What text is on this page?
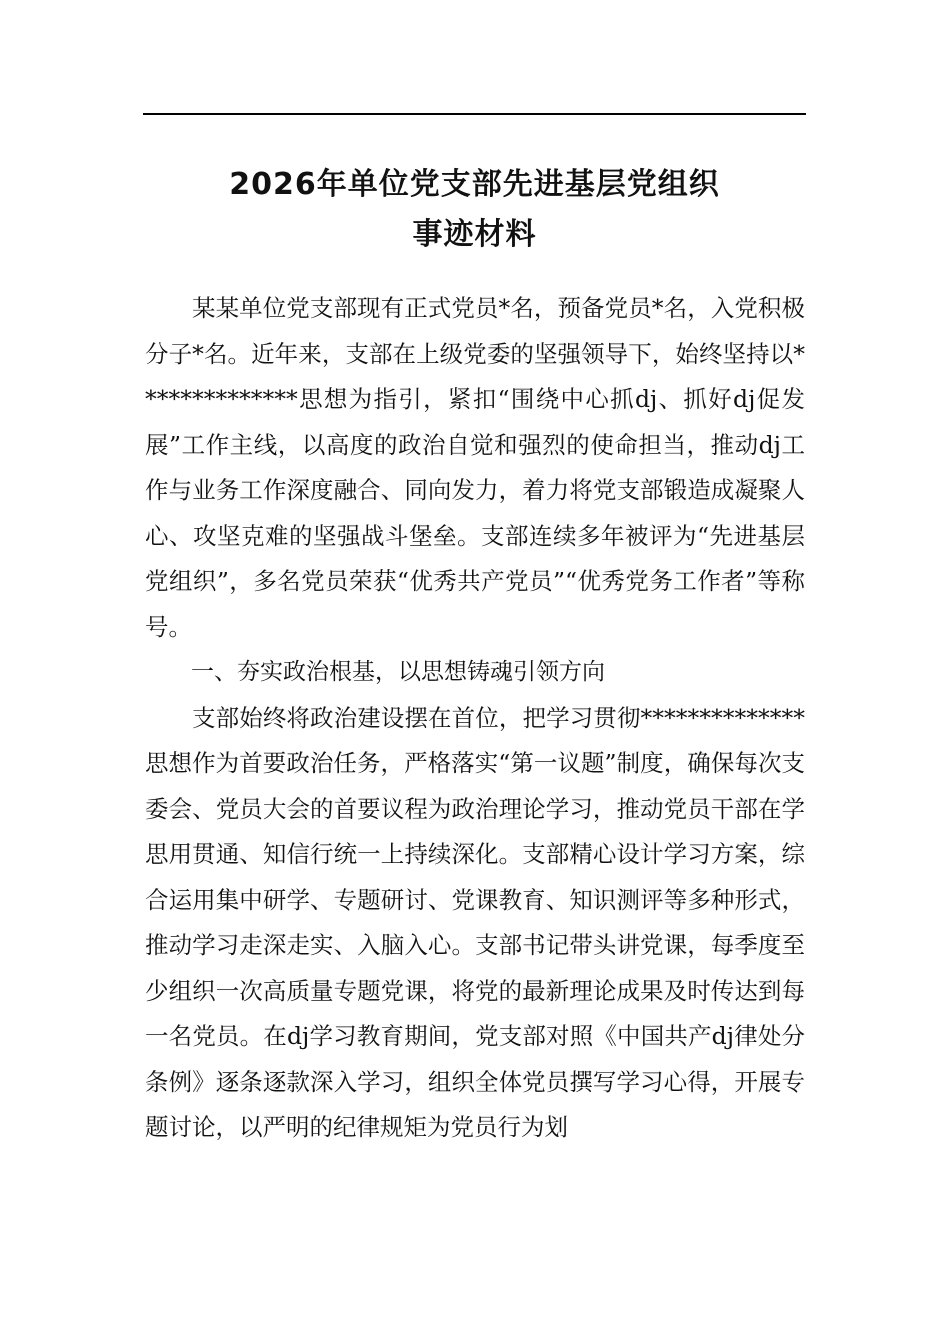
2026年单位党支部先进基层党组织
事迹材料

某某单位党支部现有正式党员*名，预备党员*名，入党积极分子*名。近年来，支部在上级党委的坚强领导下，始终坚持以**************思想为指引，紧扣“围绕中心抓dj、抓好dj促发展”工作主线，以高度的政治自觉和强烈的使命担当，推动dj工作与业务工作深度融合、同向发力，着力将党支部锻造成凝聚人心、攻坚克难的坚强战斗堡垒。支部连续多年被评为“先进基层党组织”，多名党员荣获“优秀共产党员”“优秀党务工作者”等称号。

一、夯实政治根基，以思想铸魂引领方向

支部始终将政治建设摆在首位，把学习贯彻**************思想作为首要政治任务，严格落实“第一议题”制度，确保每次支委会、党员大会的首要议程为政治理论学习，推动党员干部在学思用贯通、知信行统一上持续深化。支部精心设计学习方案，综合运用集中研学、专题研讨、党课教育、知识测评等多种形式，推动学习走深走实、入脑入心。支部书记带头讲党课，每季度至少组织一次高质量专题党课，将党的最新理论成果及时传达到每一名党员。在dj学习教育期间，党支部对照《中国共产dj律处分条例》逐条逐款深入学习，组织全体党员撰写学习心得，开展专题讨论，以严明的纪律规矩为党员行为划
